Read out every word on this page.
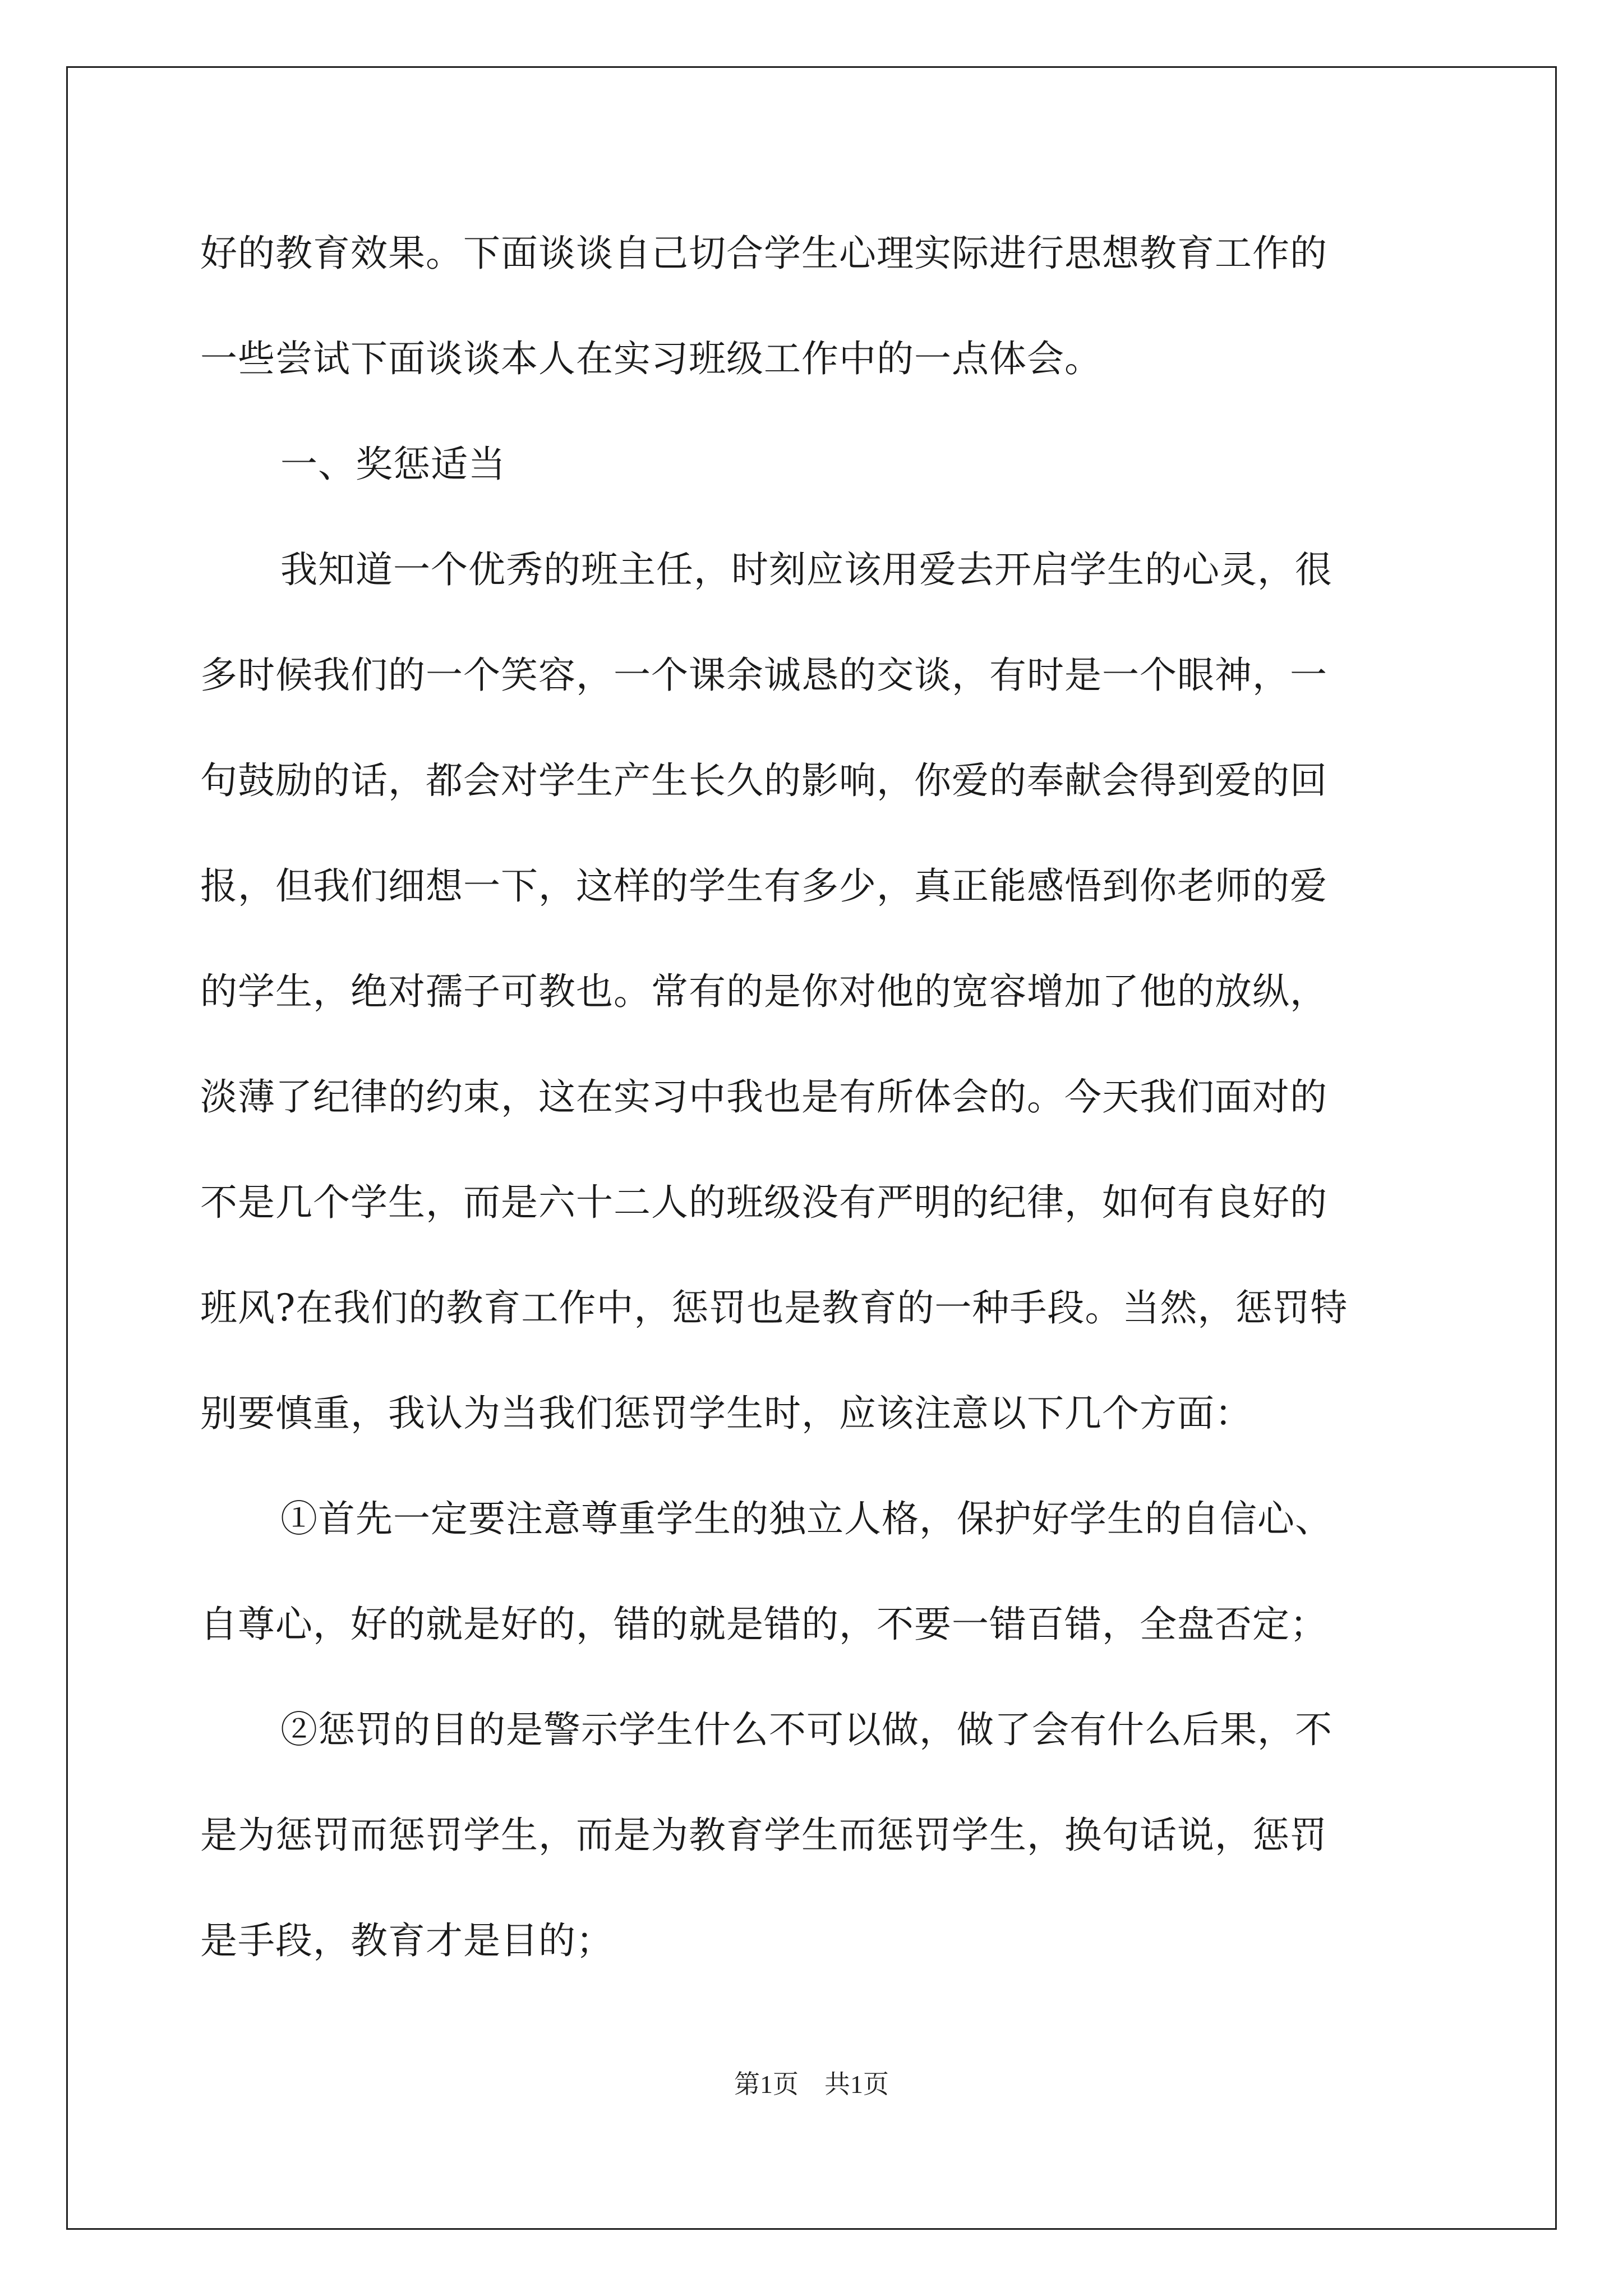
好的教育效果。下面谈谈自己切合学生心理实际进行思想教育工作的
一些尝试下面谈谈本人在实习班级工作中的一点体会。
一、奖惩适当
我知道一个优秀的班主任，时刻应该用爱去开启学生的心灵，很
多时候我们的一个笑容，一个课余诚恳的交谈，有时是一个眼神，一
句鼓励的话，都会对学生产生长久的影响，你爱的奉献会得到爱的回
报，但我们细想一下，这样的学生有多少，真正能感悟到你老师的爱
的学生，绝对孺子可教也。常有的是你对他的宽容增加了他的放纵，
淡薄了纪律的约束，这在实习中我也是有所体会的。今天我们面对的
不是几个学生，而是六十二人的班级没有严明的纪律，如何有良好的
班风?在我们的教育工作中，惩罚也是教育的一种手段。当然，惩罚特
别要慎重，我认为当我们惩罚学生时，应该注意以下几个方面：
①首先一定要注意尊重学生的独立人格，保护好学生的自信心、
自尊心，好的就是好的，错的就是错的，不要一错百错，全盘否定；
②惩罚的目的是警示学生什么不可以做，做了会有什么后果，不
是为惩罚而惩罚学生，而是为教育学生而惩罚学生，换句话说，惩罚
是手段，教育才是目的；
第1页　共1页
